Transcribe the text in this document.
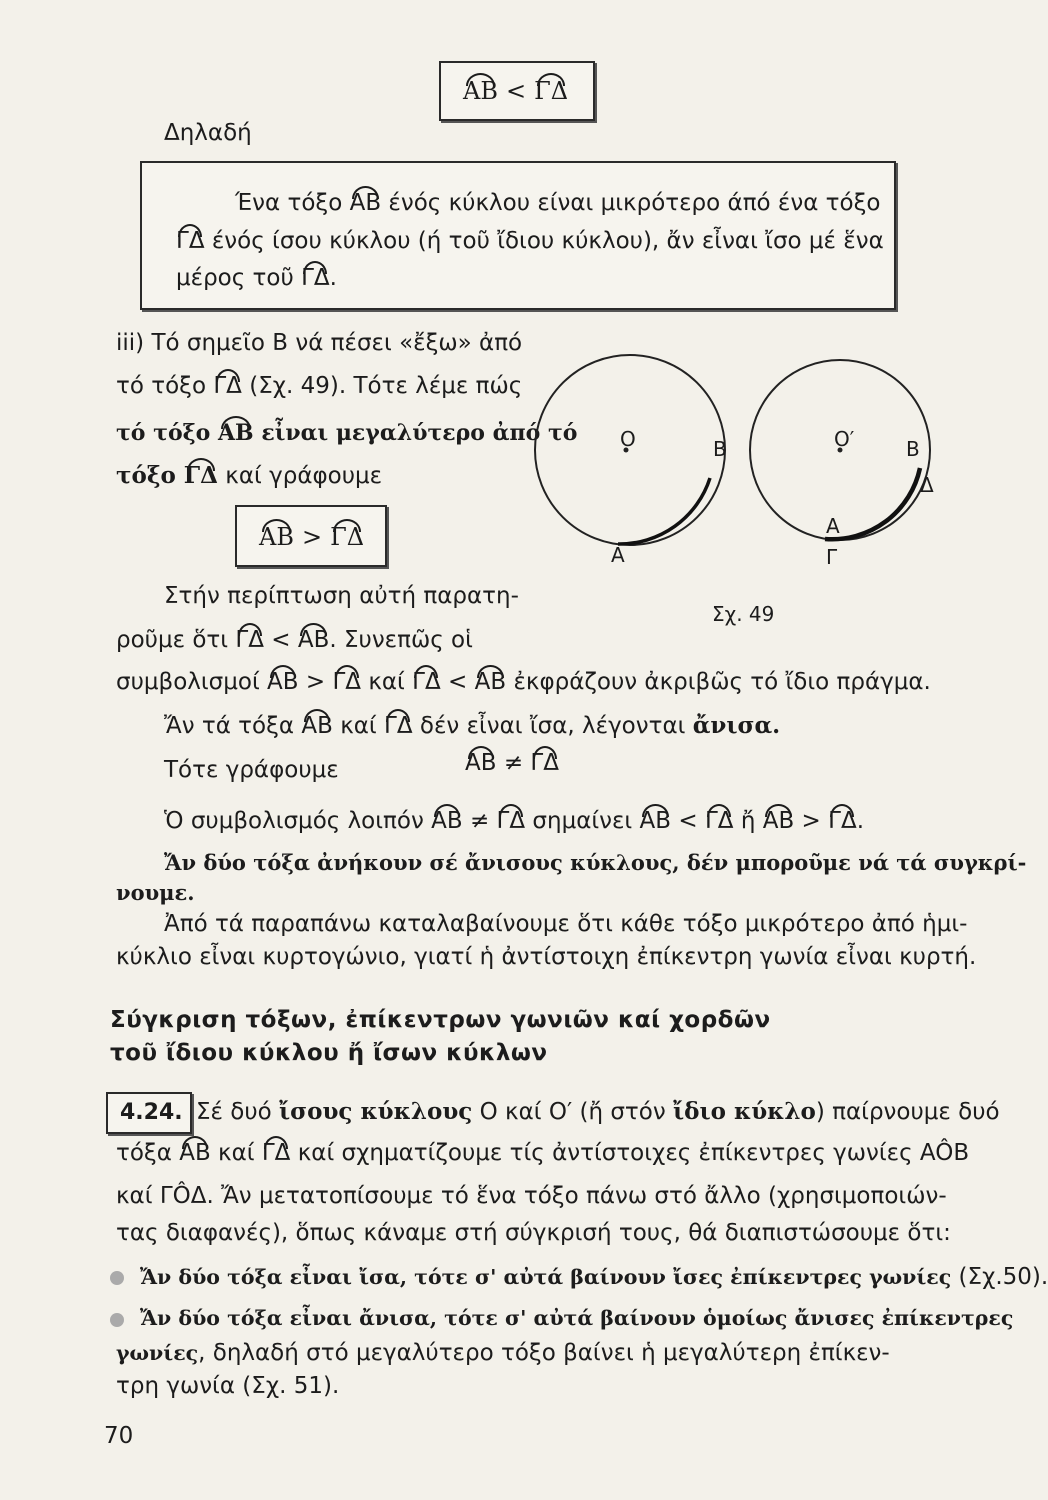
AB < ΓΔ
Δηλαδή
Ένα τόξο AB ένός κύκλου είναι μικρότερο άπό ένα τόξο
ΓΔ ένός ίσου κύκλου (ή τοῦ ἴδιου κύκλου), ἄν εἶναι ἴσο μέ ἕνα
μέρος τοῦ ΓΔ.
iii) Τό σημεῖο Β νά πέσει «ἔξω» ἀπό
τό τόξο ΓΔ (Σχ. 49). Τότε λέμε πώς
τό τόξο AB εἶναι μεγαλύτερο ἀπό τό
τόξο ΓΔ καί γράφουμε
AB > ΓΔ
O	B
A
O′	B
Δ
A
Γ
Σχ. 49
Στήν περίπτωση αὐτή παρατη-
ροῦμε ὅτι ΓΔ < AB. Συνεπῶς οἱ
συμβολισμοί AB > ΓΔ καί ΓΔ < AB ἐκφράζουν ἀκριβῶς τό ἴδιο πράγμα.
Ἄν τά τόξα AB καί ΓΔ δέν εἶναι ἴσα, λέγονται ἄνισα.
Τότε γράφουμε	AB ≠ ΓΔ
Ὁ συμβολισμός λοιπόν AB ≠ ΓΔ σημαίνει AB < ΓΔ ἤ AB > ΓΔ.
Ἄν δύο τόξα ἀνήκουν σέ ἄνισους κύκλους, δέν μποροῦμε νά τά συγκρί-
νουμε.
Ἀπό τά παραπάνω καταλαβαίνουμε ὅτι κάθε τόξο μικρότερο ἀπό ἡμι-
κύκλιο εἶναι κυρτογώνιο, γιατί ἡ ἀντίστοιχη ἐπίκεντρη γωνία εἶναι κυρτή.
Σύγκριση τόξων, ἐπίκεντρων γωνιῶν καί χορδῶν
τοῦ ἴδιου κύκλου ἤ ἴσων κύκλων
4.24. Σέ δυό ἴσους κύκλους Ο καί Ο′ (ἤ στόν ἴδιο κύκλο) παίρνουμε δυό
τόξα AB καί ΓΔ καί σχηματίζουμε τίς ἀντίστοιχες ἐπίκεντρες γωνίες AÔB
καί ΓÔΔ. Ἄν μετατοπίσουμε τό ἕνα τόξο πάνω στό ἄλλο (χρησιμοποιών-
τας διαφανές), ὅπως κάναμε στή σύγκρισή τους, θά διαπιστώσουμε ὅτι:
Ἄν δύο τόξα εἶναι ἴσα, τότε σ' αὐτά βαίνουν ἴσες ἐπίκεντρες γωνίες (Σχ.50).
Ἄν δύο τόξα εἶναι ἄνισα, τότε σ' αὐτά βαίνουν ὁμοίως ἄνισες ἐπίκεντρες
γωνίες, δηλαδή στό μεγαλύτερο τόξο βαίνει ἡ μεγαλύτερη ἐπίκεν-
τρη γωνία (Σχ. 51).
70
